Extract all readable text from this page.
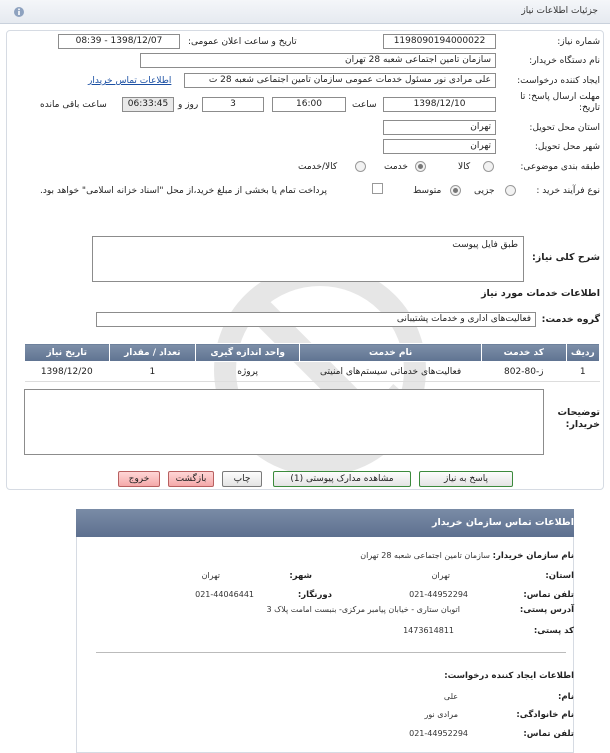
جزئیات اطلاعات نیاز
شماره نیاز:
1198090194000022
تاریخ و ساعت اعلان عمومی:
1398/12/07 - 08:39
نام دستگاه خریدار:
سازمان تامین اجتماعی شعبه 28 تهران
ایجاد کننده درخواست:
علی مرادی نور مسئول خدمات عمومی سازمان تامین اجتماعی شعبه 28 ت
اطلاعات تماس خریدار
مهلت ارسال پاسخ: تا تاریخ:
1398/12/10
ساعت
16:00
3
روز و
06:33:45
ساعت باقی مانده
استان محل تحویل:
تهران
شهر محل تحویل:
تهران
طبقه بندی موضوعی:
کالا
خدمت
کالا/خدمت
نوع فرآیند خرید :
جزیی
متوسط
پرداخت تمام یا بخشی از مبلغ خرید،از محل "اسناد خزانه اسلامی" خواهد بود.
شرح کلی نیاز:
طبق فایل پیوست
اطلاعات خدمات مورد نیاز
گروه خدمت:
فعالیت‌های اداری و خدمات پشتیبانی
ردیف	کد خدمت	نام خدمت	واحد اندازه گیری	تعداد / مقدار	تاریخ نیاز
1	ز-80-802	فعالیت‌های خدماتی سیستم‌های امنیتی	پروژه	1	1398/12/20
توضیحات خریدار:
پاسخ به نیاز
مشاهده مدارک پیوستی (1)
چاپ
بازگشت
خروج
اطلاعات تماس سازمان خریدار
نام سازمان خریدار:
سازمان تامین اجتماعی شعبه 28 تهران
استان:
تهران
شهر:
تهران
تلفن تماس:
021-44952294
دورنگار:
021-44046441
آدرس پستی:
اتوبان ستاری - خیابان پیامبر مرکزی- بنبست امامت پلاک 3
کد پستی:
1473614811
اطلاعات ایجاد کننده درخواست:
نام:
علی
نام خانوادگی:
مرادی نور
تلفن تماس:
021-44952294
